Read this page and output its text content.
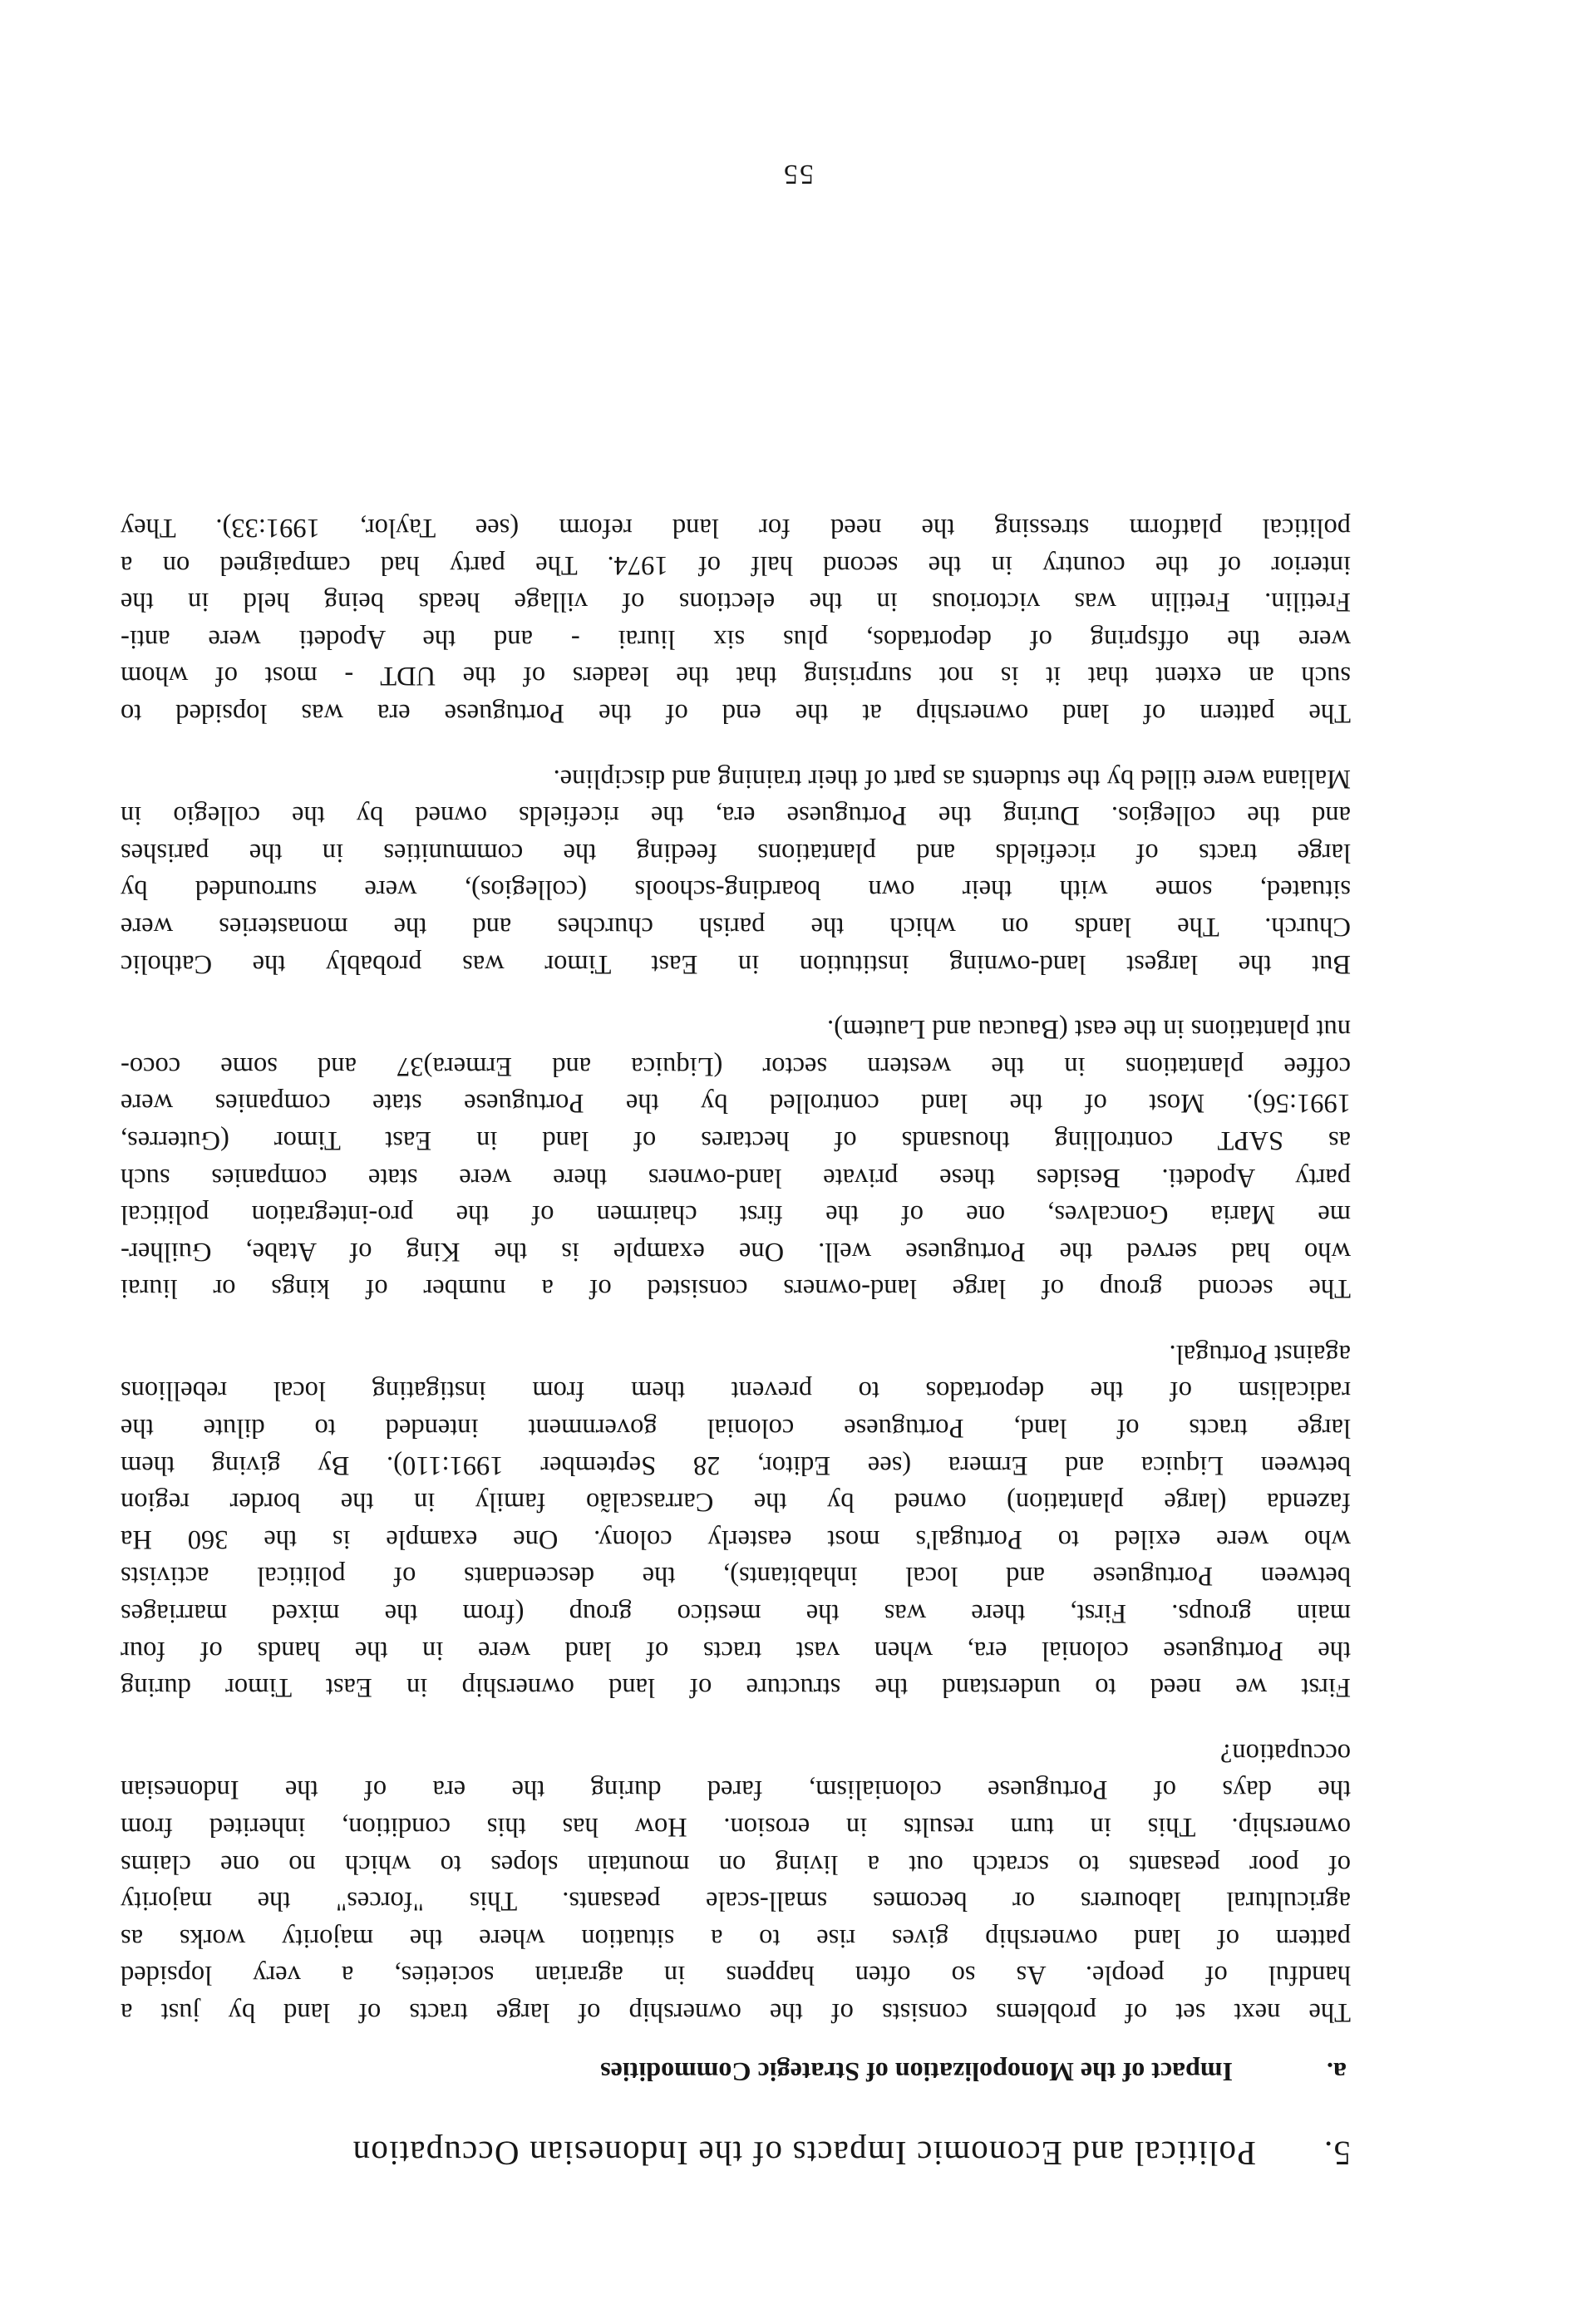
5.
Political and Economic Impacts of the Indonesian Occupation
a.
Impact of the Monopolization of Strategic Commodities
The next set of problems consists of the ownership of large tracts of land by just a
handful of people. As so often happens in agrarian societies, a very lopsided
pattern of land ownership gives rise to a situation where the majority works as
agricultural labourers or becomes small-scale peasants. This "forces" the majority
of poor peasants to scratch out a living on mountain slopes to which no one claims
ownership. This in turn results in erosion. How has this condition, inherited from
the days of Portuguese colonialism, fared during the era of the Indonesian
occupation?
First we need to understand the structure of land ownership in East Timor during
the Portuguese colonial era, when vast tracts of land were in the hands of four
main groups. First, there was the mestico group (from the mixed marriages
between Portuguese and local inhabitants), the descendants of political activists
who were exiled to Portugal's most easterly colony. One example is the 360 Ha
fazenda (large plantation) owned by the Carrascalão family in the border region
between Liquica and Ermera (see Editor, 28 September 1991:110). By giving them
large tracts of land, Portuguese colonial government intended to dilute the
radicalism of the deportados to prevent them from instigating local rebellions
against Portugal.
The second group of large land-owners consisted of a number of kings or liurai
who had served the Portuguese well. One example is the King of Atabe, Guilher-
me Maria Goncalves, one of the first chairmen of the pro-integration political
party Apodeti. Besides these private land-owners there were state companies such
as SAPT controlling thousands of hectares of land in East Timor (Guterres,
1991:56). Most of the land controlled by the Portuguese state companies were
coffee plantations in the western sector (Liquica and Ermera)37 and some coco-
nut plantations in the east (Baucau and Lautem).
But the largest land-owning institution in East Timor was probably the Catholic
Church. The lands on which the parish churches and the monasteries were
situated, some with their own boarding-schools (collegios), were surrounded by
large tracts of ricefields and plantations feeding the communities in the parishes
and the collegios. During the Portuguese era, the ricefields owned by the collegio in
Maliana were tilled by the students as part of their training and discipline.
The pattern of land ownership at the end of the Portuguese era was lopsided to
such an extent that it is not surprising that the leaders of the UDT - most of whom
were the offspring of deportados, plus six liurai - and the Apodeti were anti-
Fretilin. Fretilin was victorious in the elections of village heads being held in the
interior of the country in the second half of 1974. The party had campaigned on a
political platform stressing the need for land reform (see Taylor, 1991:33). They
55
